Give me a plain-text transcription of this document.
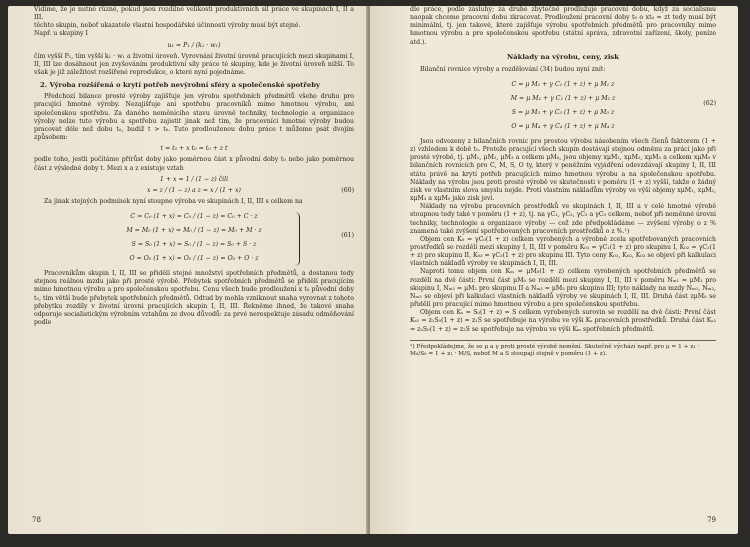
Vidíme, že je nutné různé, pokud jsou rozdílné velikosti produktivních sil práce ve skupinách I, II a III.

těchto skupin, neboť ukazatele vlastní hospodářské účinnosti výroby musí být stejné.

Např. u skupiny I

u₁ = P₁ / (k₁ · w₁)

čím vyšší P₁, tím vyšší k₁ · w₁ a životní úroveň. Vyrovnání životní úrovně pracujících mezi skupinami I, II, III lze dosáhnout jen zvyšováním produktivní síly práce té skupiny, kde je životní úroveň nižší. To však je již záležitost rozšířené reprodukce, o které nyní pojednáme.

2. Výroba rozšířená o krytí potřeb nevýrobní sféry a společenské spotřeby

Předchozí bilance prosté výroby zajišťuje jen výrobu spotřebních předmětů všeho druhu pro pracující hmotné výroby. Nezajišťuje ani spotřebu pracovníků mimo hmotnou výrobu, ani společenskou spotřebu. Za daného neměnícího stavu úrovně techniky, technologie a organizace výroby nelze tuto výrobu a spotřebu zajistit jinak než tím, že pracovníci hmotné výroby budou pracovat déle než dobu t₀, budiž t > t₀. Tuto prodlouženou dobu práce t můžeme psát dvojím způsobem:

t = t₀ + x t₀ = t₀ + z t

podle toho, jestli počítáme přírůst doby jako poměrnou část x původní doby t₀ nebo jako poměrnou část z výsledné doby t. Mezi x a z existuje vztah

1 + x = 1 / (1 − z) čili
x = z / (1 − z) a z = x / (1 + x)	(60)

Za jinak stejných podmínek nyní stoupne výroba ve skupinách I, II, III s celkem na

C = C₀ (1 + x) = C₀ / (1 − z) = C₀ + C · z
M = M₀ (1 + x) = M₀ / (1 − z) = M₀ + M · z
S = S₀ (1 + x) = S₀ / (1 − z) = S₀ + S · z
O = O₀ (1 + x) = O₀ / (1 − z) = O₀ + O · z
(61)

Pracovníkům skupin I, II, III se přidělí stejné množství spotřebních předmětů, a dostanou tedy stejnou reálnou mzdu jako při prosté výrobě. Přebytek spotřebních předmětů se přidělí pracujícím mimo hmotnou výrobu a pro společenskou spotřebu. Cenu všech bude prodloužení x t₀ původní doby t₀, tím větší bude přebytek spotřebních předmětů. Odtud by mohla vzniknout snaha vyrovnat z tohoto přebytku rozdíly v životní úrovni pracujících skupin I, II, III. Řekněme ihned, že takové snaha odporuje socialistickým výrobním vztahům ze dvou důvodů: za prvé nerespektuje zásadu odměňování podle

78

dle práce, podle zásluhy; za druhé zbytečně prodlužuje pracovní dobu, když za socialismu naopak chceme pracovní dobu zkracovat. Prodloužení pracovní doby t₀ o xt₀ = zt tedy musí být minimální, tj. jen takové, které zajišťuje výrobu spotřebních předmětů pro pracovníky mimo hmotnou výrobu a pro společenskou spotřebu (státní správa, zdravotní zařízení, školy, peníze atd.).

Náklady na výrobu, ceny, zisk

Bilanční rovnice výroby a rozdělování (34) budou nyní znít:

C = μ M₁ + γ C₁ (1 + z) + μ M₁ z
M = μ M₂ + γ C₂ (1 + z) + μ M₂ z
S = μ M₃ + γ C₃ (1 + z) + μ M₃ z
O = μ M₄ + γ C₄ (1 + z) + μ M₄ z
(62)

Jsou odvozeny z bilančních rovnic pro prostou výrobu násobením všech členů faktorem (1 + z) vzhledem k době t₀. Protože pracující všech skupin dostávají stejnou odměnu za práci jako při prosté výrobě, tj. μM₁, μM₂, μM₃ a celkem μM₀, jsou objemy xμM₁, xμM₂, xμM₃ a celkem xμM₀ v bilančních rovnicích pro C, M, S, O ty, který v peněžním vyjádření odevzdávají skupiny I, II, III státu právě na krytí potřeb pracujících mimo hmotnou výrobu a na společenskou spotřebu. Náklady na výrobu jsou proti prosté výrobě ve skutečnosti v poměru (1 + z) vyšší, takže o žádný zisk ve vlastním slova smyslu nejde. Proti vlastním nákladům výroby ve výši objemy xμM₁, xμM₂, xμM₃ a xμM₀ jako zisk jeví.

Náklady na výrobu pracovních prostředků ve skupinách I, II, III a v celé hmotné výrobě stoupnou tedy také v poměru (1 + z), tj. na γC₁, γC₂, γC₃ a γC₀ celkem, neboť při neměnné úrovni techniky, technologie a organizace výroby — což zde předpokládáme — zvýšení výroby o z % znamená také zvýšení spotřebovaných pracovních prostředků o z %.¹)

Objem cen K₀ = γC₀(1 + z) celkem vyrobených a výrobně zcela spotřebovaných pracovních prostředků se rozdělí mezi skupiny I, II, III v poměru K₀₁ = γC₁(1 + z) pro skupinu I, K₀₂ = γC₂(1 + z) pro skupinu II, K₀₃ = γC₃(1 + z) pro skupinu III. Tyto ceny K₀₁, K₀₂, K₀₃ se objeví při kalkulaci vlastních nákladů výroby ve skupinách I, II, III.

Naproti tomu objem cen Kₘ = μM₀(1 + z) celkem vyrobených spotřebních předmětů se rozdělí na dvě části: První část μM₀ se rozdělí mezi skupiny I, II, III v poměru Nₘ₁ = μM₁ pro skupinu I, Nₘ₂ = μM₂ pro skupinu II a Nₘ₃ = μM₃ pro skupinu III; tyto náklady na mzdy Nₘ₁, Nₘ₂, Nₘ₃ se objeví při kalkulaci vlastních nákladů výroby ve skupinách I, II, III. Druhá část zμM₀ se přidělí pro pracující mimo hmotnou výrobu a pro společenskou spotřebu.

Objem cen Kₛ = S₀(1 + z) = S celkem vyrobených surovin se rozdělí na dvě části: První část Kₛ₁ = z₁S₀(1 + z) = z₁S se spotřebuje na výrobu ve výši Kₛ pracovních prostředků. Druhá část Kₛ₂ = z₂S₀(1 + z) = z₂S se spotřebuje na výrobu ve výši Kₘ spotřebních předmětů.

¹) Předpokládejme, že se μ a γ proti prosté výrobě nemění. Skutečně výchází např. pro μ = 1 + z₁ · M₀/S₀ = 1 + z₁ · M/S, neboť M a S stoupají stejně v poměru (1 + z).
79
